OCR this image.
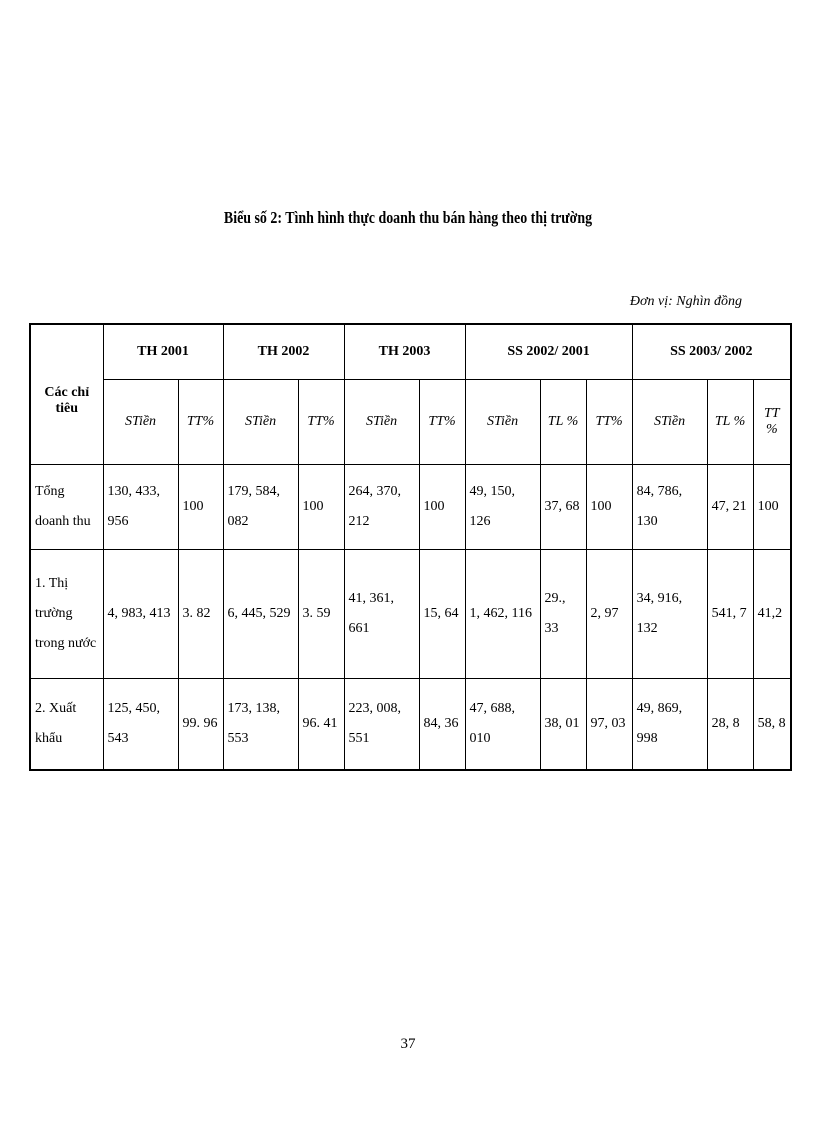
Biểu số 2: Tình hình thực doanh thu bán hàng theo thị trường
Đơn vị: Nghìn đồng
Các chỉ tiêu	TH 2001		TH 2002		TH 2003		SS 2002/ 2001			SS 2003/ 2002		
	STiền	TT%	STiền	TT%	STiền	TT%	STiền	TL %	TT%	STiền	TL %	TT %
Tổng doanh thu	130, 433, 956	100	179, 584, 082	100	264, 370, 212	100	49, 150, 126	37, 68	100	84, 786, 130	47, 21	100
1. Thị trường trong nước	4, 983, 413	3. 82	6, 445, 529	3. 59	41, 361, 661	15, 64	1, 462, 116	29., 33	2, 97	34, 916, 132	541, 7	41,2
2. Xuất khẩu	125, 450, 543	99. 96	173, 138, 553	96. 41	223, 008, 551	84, 36	47, 688, 010	38, 01	97, 03	49, 869, 998	28, 8	58, 8
37
